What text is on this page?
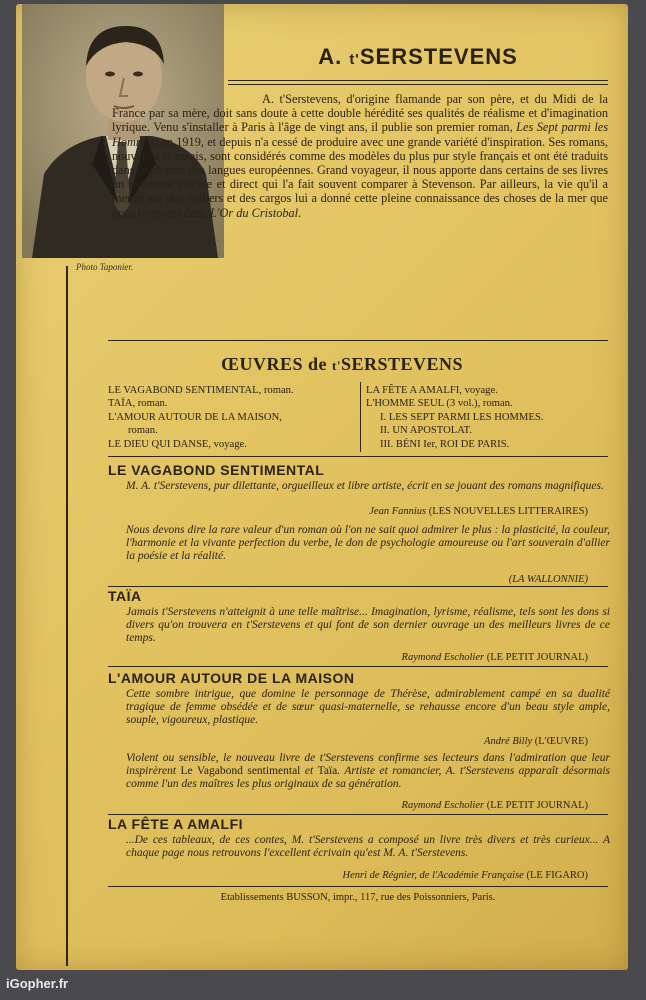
Photo Taponier.
A. t'SERSTEVENS
A. t'Serstevens, d'origine flamande par son père, et du Midi de la France par sa mère, doit sans doute à cette double hérédité ses qualités de réalisme et d'imagination lyrique. Venu s'installer à Paris à l'âge de vingt ans, il publie son premier roman, Les Sept parmi les Hommes, en 1919, et depuis n'a cessé de produire avec une grande variété d'inspiration. Ses romans, nouvelles et essais, sont considérés comme des modèles du plus pur style français et ont été traduits dans la plupart des langues européennes. Grand voyageur, il nous apporte dans certains de ses livres un exotisme sincère et direct qui l'a fait souvent comparer à Stevenson. Par ailleurs, la vie qu'il a menée sur des voiliers et des cargos lui a donné cette pleine connaissance des choses de la mer que nous trouvons dans L'Or du Cristobal.
ŒUVRES de t'SERSTEVENS
LE VAGABOND SENTIMENTAL, roman.
TAÏA, roman.
L'AMOUR AUTOUR DE LA MAISON,
roman.
LE DIEU QUI DANSE, voyage.
LA FÊTE A AMALFI, voyage.
L'HOMME SEUL (3 vol.), roman.
I. LES SEPT PARMI LES HOMMES.
II. UN APOSTOLAT.
III. BÉNI Ier, ROI DE PARIS.
LE VAGABOND SENTIMENTAL
M. A. t'Serstevens, pur dilettante, orgueilleux et libre artiste, écrit en se jouant des romans magnifiques.
Jean Fannius (LES NOUVELLES LITTERAIRES)
Nous devons dire la rare valeur d'un roman où l'on ne sait quoi admirer le plus : la plasticité, la couleur, l'harmonie et la vivante perfection du verbe, le don de psychologie amoureuse ou l'art souverain d'allier la poésie et la réalité.
(LA WALLONNIE)
TAÏA
Jamais t'Serstevens n'atteignit à une telle maîtrise... Imagination, lyrisme, réalisme, tels sont les dons si divers qu'on trouvera en t'Serstevens et qui font de son dernier ouvrage un des meilleurs livres de ce temps.
Raymond Escholier (LE PETIT JOURNAL)
L'AMOUR AUTOUR DE LA MAISON
Cette sombre intrigue, que domine le personnage de Thérèse, admirablement campé en sa dualité tragique de femme obsédée et de sœur quasi-maternelle, se rehausse encore d'un beau style ample, souple, vigoureux, plastique.
André Billy (L'ŒUVRE)
Violent ou sensible, le nouveau livre de t'Serstevens confirme ses lecteurs dans l'admiration que leur inspirèrent Le Vagabond sentimental et Taïa. Artiste et romancier, A. t'Serstevens apparaît désormais comme l'un des maîtres les plus originaux de sa génération.
Raymond Escholier (LE PETIT JOURNAL)
LA FÊTE A AMALFI
...De ces tableaux, de ces contes, M. t'Serstevens a composé un livre très divers et très curieux... A chaque page nous retrouvons l'excellent écrivain qu'est M. A. t'Serstevens.
Henri de Régnier, de l'Académie Française (LE FIGARO)
Etablissements BUSSON, impr., 117, rue des Poissonniers, Paris.
iGopher.fr
